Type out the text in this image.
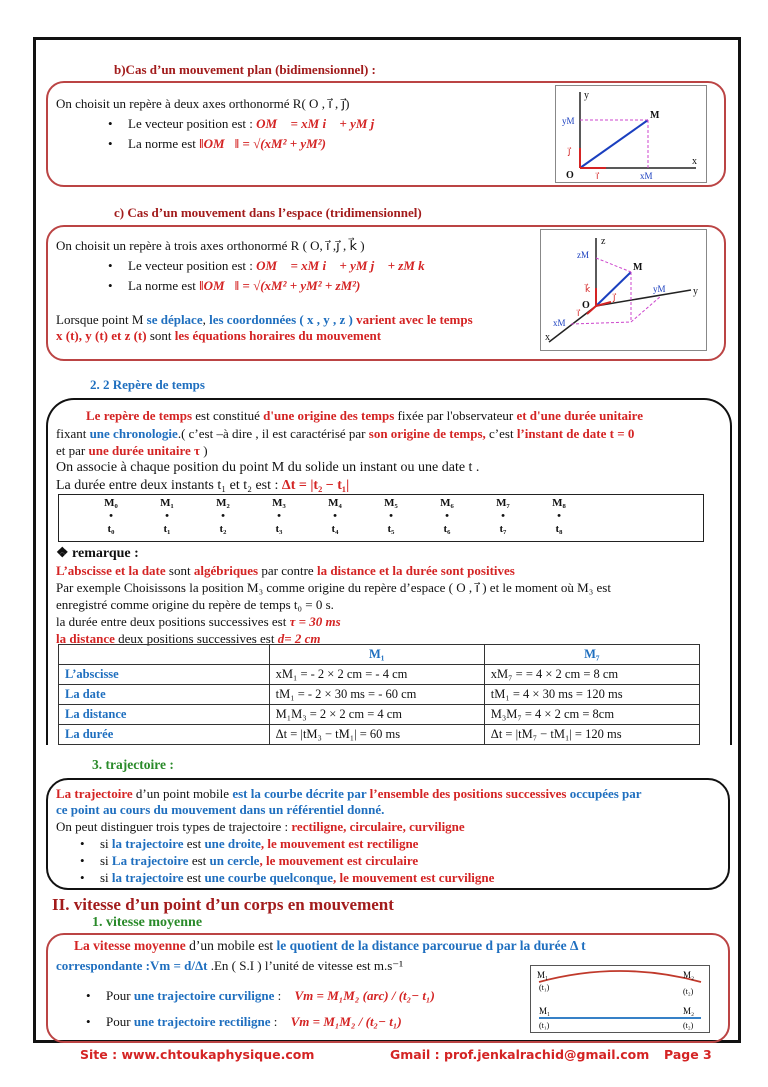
b)Cas d’un mouvement plan (bidimensionnel) :
On choisit un repère à deux axes orthonormé R( O , i⃗ , j⃗)
• Le vecteur position est : OM⃗ = xM i⃗ + yM j⃗
• La norme est ‖OM⃗‖ = √(xM² + yM²)
M
O
x
y
yM
xM
i⃗
j⃗
c) Cas d’un mouvement dans l’espace (tridimensionnel)
On choisit un repère à trois axes orthonormé R ( O, i⃗ ,j⃗ , k⃗ )
• Le vecteur position est : OM⃗ = xM i⃗ + yM j⃗ + zM k⃗
• La norme est ‖OM⃗‖ = √(xM² + yM² + zM²)
Lorsque point M se déplace, les coordonnées ( x , y , z ) varient avec le temps
x (t), y (t) et z (t) sont les équations horaires du mouvement
M
O
y
z
x
zM
yM
xM
j⃗
k⃗
i⃗
2. 2 Repère de temps
Le repère de temps est constitué d'une origine des temps fixée par l'observateur et d'une durée unitaire
fixant une chronologie.( c’est –à dire , il est caractérisé par son origine de temps, c’est l’instant de date t = 0
et par une durée unitaire τ )
On associe à chaque position du point M du solide un instant ou une date t .
La durée entre deux instants t₁ et t₂ est : Δt = |t₂ − t₁|
M₀
•
t₀
M₁
•
t₁
M₂
•
t₂
M₃
•
t₃
M₄
•
t₄
M₅
•
t₅
M₆
•
t₆
M₇
•
t₇
M₈
•
t₈
❖ remarque :
L’abscisse et la date sont algébriques par contre la distance et la durée sont positives
Par exemple Choisissons la position M₃ comme origine du repère d’espace ( O , i⃗ ) et le moment où M₃ est
enregistré comme origine du repère de temps t₀ = 0 s.
la durée entre deux positions successives est τ = 30 ms
la distance deux positions successives est d= 2 cm
	M₁	M₇
L’abscisse	xM₁ = - 2 × 2 cm = - 4 cm	xM₇ = = 4 × 2 cm = 8 cm
La date	tM₁ = - 2 × 30 ms = - 60 cm	tM₁ = 4 × 30 ms = 120 ms
La distance	M₁M₃ = 2 × 2 cm = 4 cm	M₃M₇ = 4 × 2 cm = 8cm
La durée	Δt = |tM₃ − tM₁| = 60 ms	Δt = |tM₇ − tM₁| = 120 ms
3. trajectoire :
La trajectoire d’un point mobile est la courbe décrite par l’ensemble des positions successives occupées par
ce point au cours du mouvement dans un référentiel donné.
On peut distinguer trois types de trajectoire : rectiligne, circulaire, curviligne
• si la trajectoire est une droite, le mouvement est rectiligne
• si La trajectoire est un cercle, le mouvement est circulaire
• si la trajectoire est une courbe quelconque, le mouvement est curviligne
II. vitesse d’un point d’un corps en mouvement
1. vitesse moyenne
La vitesse moyenne d’un mobile est le quotient de la distance parcourue d par la durée Δ t
correspondante :Vm = d/Δt .En ( S.I ) l’unité de vitesse est m.s⁻¹
• Pour une trajectoire curviligne : Vm = M₁M₂ (arc) / (t₂− t₁)
• Pour une trajectoire rectiligne : Vm = M₁M₂ / (t₂− t₁)
M₁
(t₁)
M₂
(t₂)
M₁
(t₁)
M₂
(t₂)
Site : www.chtoukaphysique.com	Gmail : prof.jenkalrachid@gmail.com Page 3
